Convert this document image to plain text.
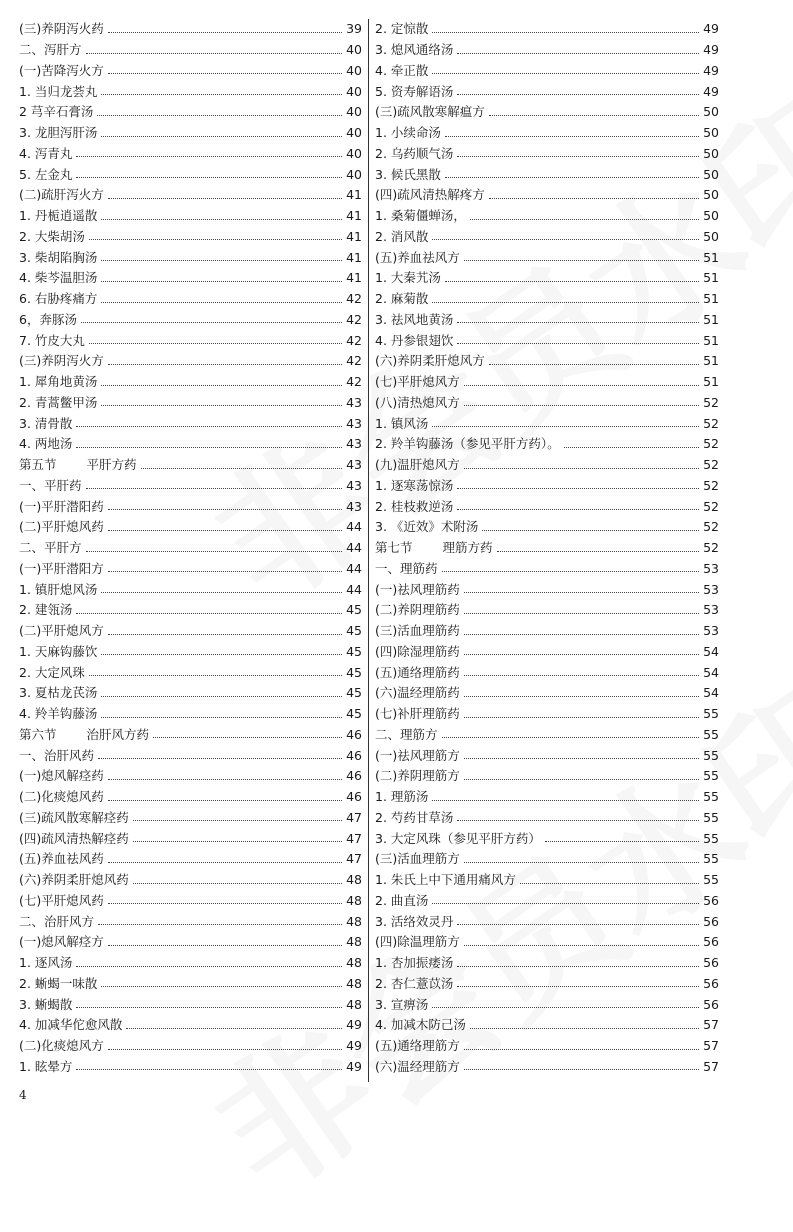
(三)养阴泻火药	39
二、泻肝方	40
(一)苦降泻火方	40
1. 当归龙荟丸	40
2 芎辛石膏汤	40
3. 龙胆泻肝汤	40
4. 泻青丸	40
5. 左金丸	40
(二)疏肝泻火方	41
1. 丹栀逍遥散	41
2. 大柴胡汤	41
3. 柴胡陷胸汤	41
4. 柴芩温胆汤	41
6. 右胁疼痛方	42
6，奔豚汤	42
7. 竹皮大丸	42
(三)养阴泻火方	42
1. 犀角地黄汤	42
2. 青蒿鳖甲汤	43
3. 清骨散	43
4. 两地汤	43
第五节 平肝方药	43
一、平肝药	43
(一)平肝潜阳药	43
(二)平肝熄风药	44
二、平肝方	44
(一)平肝潜阳方	44
1. 镇肝熄风汤	44
2. 建瓴汤	45
(二)平肝熄风方	45
1. 天麻钩藤饮	45
2. 大定风珠	45
3. 夏枯龙芪汤	45
4. 羚羊钩藤汤	45
第六节 治肝风方药	46
一、治肝风药	46
(一)熄风解痉药	46
(二)化痰熄风药	46
(三)疏风散寒解痉药	47
(四)疏风清热解痉药	47
(五)养血祛风药	47
(六)养阴柔肝熄风药	48
(七)平肝熄风药	48
二、治肝风方	48
(一)熄风解痉方	48
1. 逐风汤	48
2. 蜥蝎一味散	48
3. 蜥蝎散	48
4. 加减华佗愈风散	49
(二)化痰熄风方	49
1. 眩晕方	49
2. 定惊散	49
3. 熄风通络汤	49
4. 牵正散	49
5. 资寿解语汤	49
(三)疏风散寒解瘟方	50
1. 小续命汤	50
2. 乌药顺气汤	50
3. 候氏黑散	50
(四)疏风清热解疼方	50
1. 桑菊僵蝉汤，	50
2. 消风散	50
(五)养血祛风方	51
1. 大秦艽汤	51
2. 麻菊散	51
3. 祛风地黄汤	51
4. 丹参银翅饮	51
(六)养阴柔肝熄风方	51
(七)平肝熄风方	51
(八)清热熄风方	52
1. 镇风汤	52
2. 羚羊钩藤汤（参见平肝方药）。	52
(九)温肝熄风方	52
1. 逐寒荡惊汤	52
2. 桂枝救逆汤	52
3. 《近效》术附汤	52
第七节 理筋方药	52
一、理筋药	53
(一)祛风理筋药	53
(二)养阴理筋药	53
(三)活血理筋药	53
(四)除湿理筋药	54
(五)通络理筋药	54
(六)温经理筋药	54
(七)补肝理筋药	55
二、理筋方	55
(一)祛风理筋方	55
(二)养阴理筋方	55
1. 理筋汤	55
2. 芍药甘草汤	55
3. 大定风珠（参见平肝方药）	55
(三)活血理筋方	55
1. 朱氏上中下通用痛风方	55
2. 曲直汤	56
3. 活络效灵丹	56
(四)除温理筋方	56
1. 杏加振痿汤	56
2. 杏仁薏苡汤	56
3. 宣痹汤	56
4. 加减木防己汤	57
(五)通络理筋方	57
(六)温经理筋方	57
4
